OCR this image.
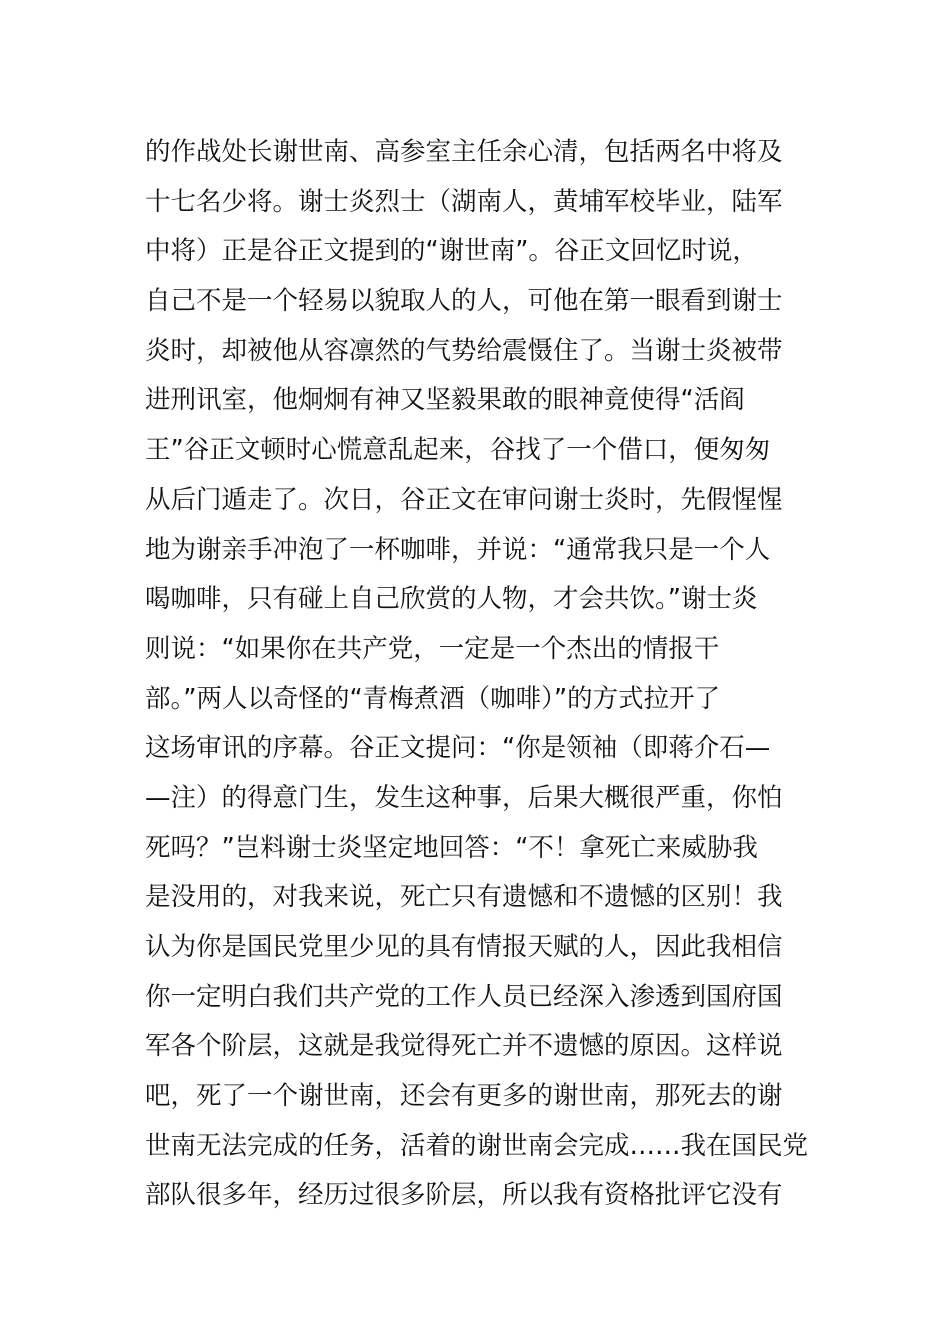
的作战处长谢世南、高参室主任余心清，包括两名中将及
十七名少将。谢士炎烈士（湖南人，黄埔军校毕业，陆军
中将）正是谷正文提到的“谢世南”。谷正文回忆时说，
自己不是一个轻易以貌取人的人，可他在第一眼看到谢士
炎时，却被他从容凛然的气势给震慑住了。当谢士炎被带
进刑讯室，他炯炯有神又坚毅果敢的眼神竟使得“活阎
王”谷正文顿时心慌意乱起来，谷找了一个借口，便匆匆
从后门遁走了。次日，谷正文在审问谢士炎时，先假惺惺
地为谢亲手冲泡了一杯咖啡，并说：“通常我只是一个人
喝咖啡，只有碰上自己欣赏的人物，才会共饮。”谢士炎
则说：“如果你在共产党，一定是一个杰出的情报干
部。”两人以奇怪的“青梅煮酒（咖啡）”的方式拉开了
这场审讯的序幕。谷正文提问：“你是领袖（即蒋介石—
—注）的得意门生，发生这种事，后果大概很严重，你怕
死吗？”岂料谢士炎坚定地回答：“不！拿死亡来威胁我
是没用的，对我来说，死亡只有遗憾和不遗憾的区别！我
认为你是国民党里少见的具有情报天赋的人，因此我相信
你一定明白我们共产党的工作人员已经深入渗透到国府国
军各个阶层，这就是我觉得死亡并不遗憾的原因。这样说
吧，死了一个谢世南，还会有更多的谢世南，那死去的谢
世南无法完成的任务，活着的谢世南会完成……我在国民党
部队很多年，经历过很多阶层，所以我有资格批评它没有
